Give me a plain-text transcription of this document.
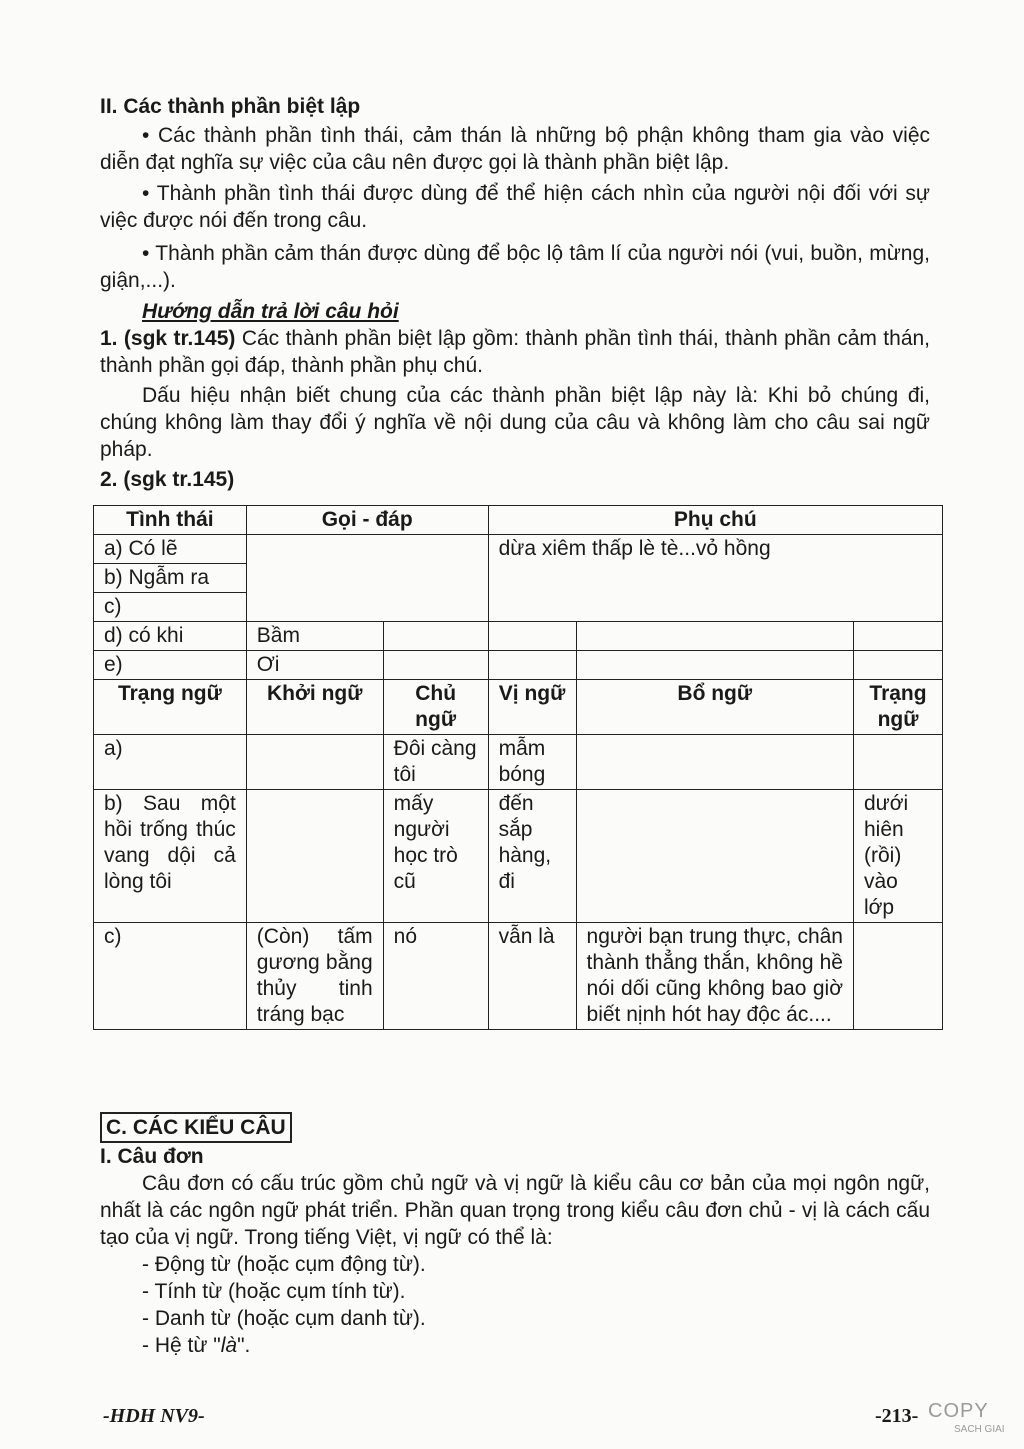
II. Các thành phần biệt lập
• Các thành phần tình thái, cảm thán là những bộ phận không tham gia vào việc diễn đạt nghĩa sự việc của câu nên được gọi là thành phần biệt lập.
• Thành phần tình thái được dùng để thể hiện cách nhìn của người nội đối với sự việc được nói đến trong câu.
• Thành phần cảm thán được dùng để bộc lộ tâm lí của người nói (vui, buồn, mừng, giận,...).
Hướng dẫn trả lời câu hỏi
1. (sgk tr.145) Các thành phần biệt lập gồm: thành phần tình thái, thành phần cảm thán, thành phần gọi đáp, thành phần phụ chú.
Dấu hiệu nhận biết chung của các thành phần biệt lập này là: Khi bỏ chúng đi, chúng không làm thay đổi ý nghĩa về nội dung của câu và không làm cho câu sai ngữ pháp.
2. (sgk tr.145)
Tình thái	Gọi - đáp		Phụ chú		
a) Có lẽ			dừa xiêm thấp lè tè...vỏ hồng		
b) Ngẫm ra					
c)					
d) có khi	Bầm				
e)	Ơi				
Trạng ngữ	Khởi ngữ	Chủ ngữ	Vị ngữ	Bổ ngữ	Trạng ngữ
a)		Đôi càng tôi	mẫm bóng		
b) Sau một hồi trống thúc vang dội cả lòng tôi		mấy người học trò cũ	đến sắp hàng, đi		dưới hiên (rồi) vào lớp
c)	(Còn) tấm gương bằng thủy tinh tráng bạc	nó	vẫn là	người bạn trung thực, chân thành thẳng thắn, không hề nói dối cũng không bao giờ biết nịnh hót hay độc ác....	
C. CÁC KIỂU CÂU
I. Câu đơn
Câu đơn có cấu trúc gồm chủ ngữ và vị ngữ là kiểu câu cơ bản của mọi ngôn ngữ, nhất là các ngôn ngữ phát triển. Phần quan trọng trong kiểu câu đơn chủ - vị là cách cấu tạo của vị ngữ. Trong tiếng Việt, vị ngữ có thể là:
- Động từ (hoặc cụm động từ).
- Tính từ (hoặc cụm tính từ).
- Danh từ (hoặc cụm danh từ).
- Hệ từ "là".
-HDH NV9-	-213- COPY
SACH GIAI
